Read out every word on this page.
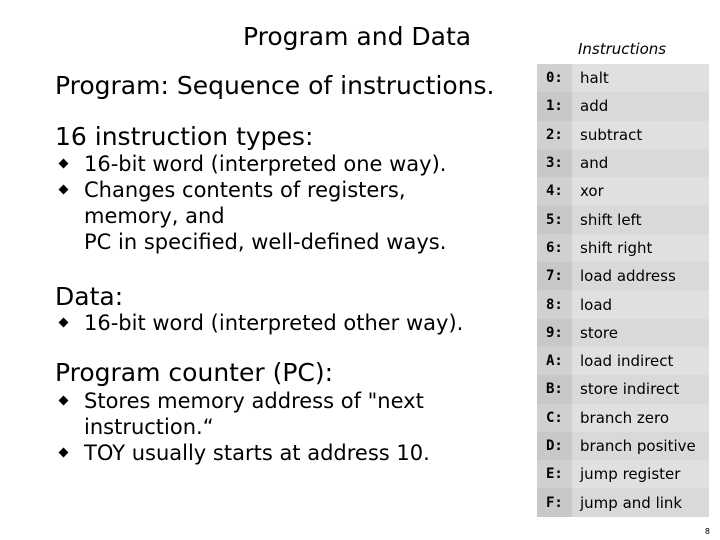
Program and Data
Program: Sequence of instructions.
16 instruction types:
16-bit word (interpreted one way).
Changes contents of registers,
memory, and
PC in specified, well-defined ways.
Data:
16-bit word (interpreted other way).
Program counter (PC):
Stores memory address of "next
instruction.“
TOY usually starts at address 10.
Instructions
0:	halt
1:	add
2:	subtract
3:	and
4:	xor
5:	shift left
6:	shift right
7:	load address
8:	load
9:	store
A:	load indirect
B:	store indirect
C:	branch zero
D:	branch positive
E:	jump register
F:	jump and link
8
